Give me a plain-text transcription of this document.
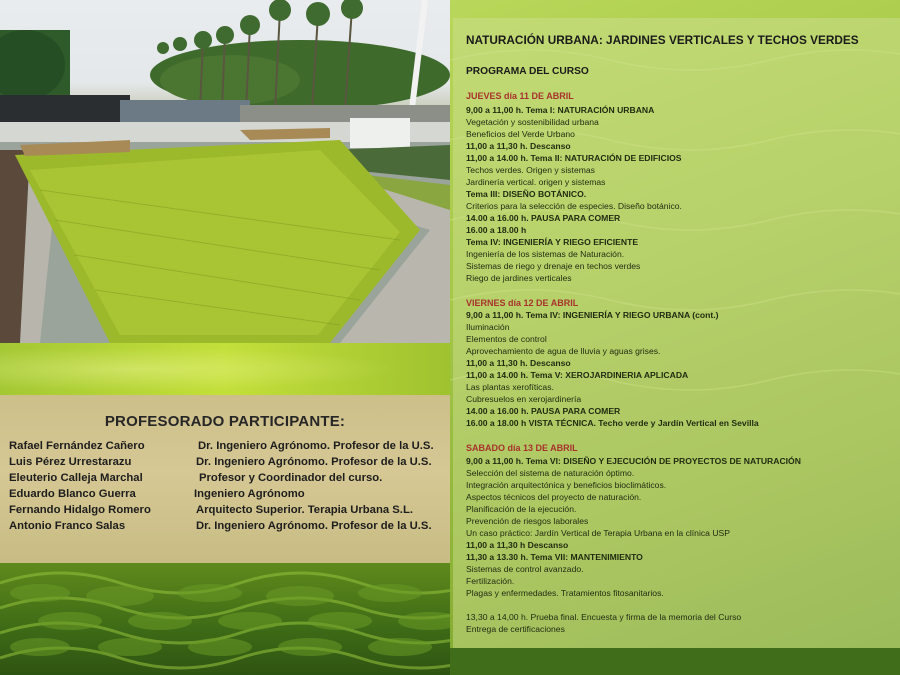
PROFESORADO PARTICIPANTE:
Rafael Fernández Cañero	Dr. Ingeniero Agrónomo. Profesor de la U.S.
Luis Pérez Urrestarazu	Dr. Ingeniero Agrónomo. Profesor de la U.S.
Eleuterio Calleja Marchal	Profesor y Coordinador del curso.
Eduardo Blanco Guerra	Ingeniero Agrónomo
Fernando Hidalgo Romero	Arquitecto Superior. Terapia Urbana S.L.
Antonio Franco Salas	Dr. Ingeniero Agrónomo. Profesor de la U.S.
NATURACIÓN URBANA: JARDINES VERTICALES Y TECHOS VERDES
PROGRAMA DEL CURSO
JUEVES día 11 DE ABRIL
9,00 a 11,00 h. Tema I: NATURACIÓN URBANA
Vegetación y sostenibilidad urbana
Beneficios del Verde Urbano
11,00 a 11,30 h. Descanso
11,00 a 14.00 h. Tema II: NATURACIÓN DE EDIFICIOS
Techos verdes. Origen y sistemas
Jardinería vertical. origen y sistemas
Tema III: DISEÑO BOTÁNICO.
Criterios para la selección de especies. Diseño botánico.
14.00 a 16.00 h. PAUSA PARA COMER
16.00 a 18.00 h
Tema IV: INGENIERÍA Y RIEGO EFICIENTE
Ingeniería de los sistemas de Naturación.
Sistemas de riego y drenaje en techos verdes
Riego de jardines verticales
VIERNES día 12 DE ABRIL
9,00 a 11,00 h. Tema IV: INGENIERÍA Y RIEGO URBANA (cont.)
Iluminación
Elementos de control
Aprovechamiento de agua de lluvia y aguas grises.
11,00 a 11,30 h. Descanso
11,00 a 14.00 h. Tema V: XEROJARDINERIA APLICADA
Las plantas xerofíticas.
Cubresuelos en xerojardinería
14.00 a 16.00 h. PAUSA PARA COMER
16.00 a 18.00 h VISTA TÉCNICA. Techo verde y Jardín Vertical en Sevilla
SABADO día 13 DE ABRIL
9,00 a 11,00 h. Tema VI: DISEÑO Y EJECUCIÓN DE PROYECTOS DE NATURACIÓN
Selección del sistema de naturación óptimo.
Integración arquitectónica y beneficios bioclimáticos.
Aspectos técnicos del proyecto de naturación.
Planificación de la ejecución.
Prevención de riesgos laborales
Un caso práctico: Jardín Vertical de Terapia Urbana en la clínica USP
11,00 a 11,30 h Descanso
11,30 a 13.30 h. Tema VII: MANTENIMIENTO
Sistemas de control avanzado.
Fertilización.
Plagas y enfermedades. Tratamientos fitosanitarios.
13,30 a 14,00 h. Prueba final. Encuesta y firma de la memoria del Curso
Entrega de certificaciones
